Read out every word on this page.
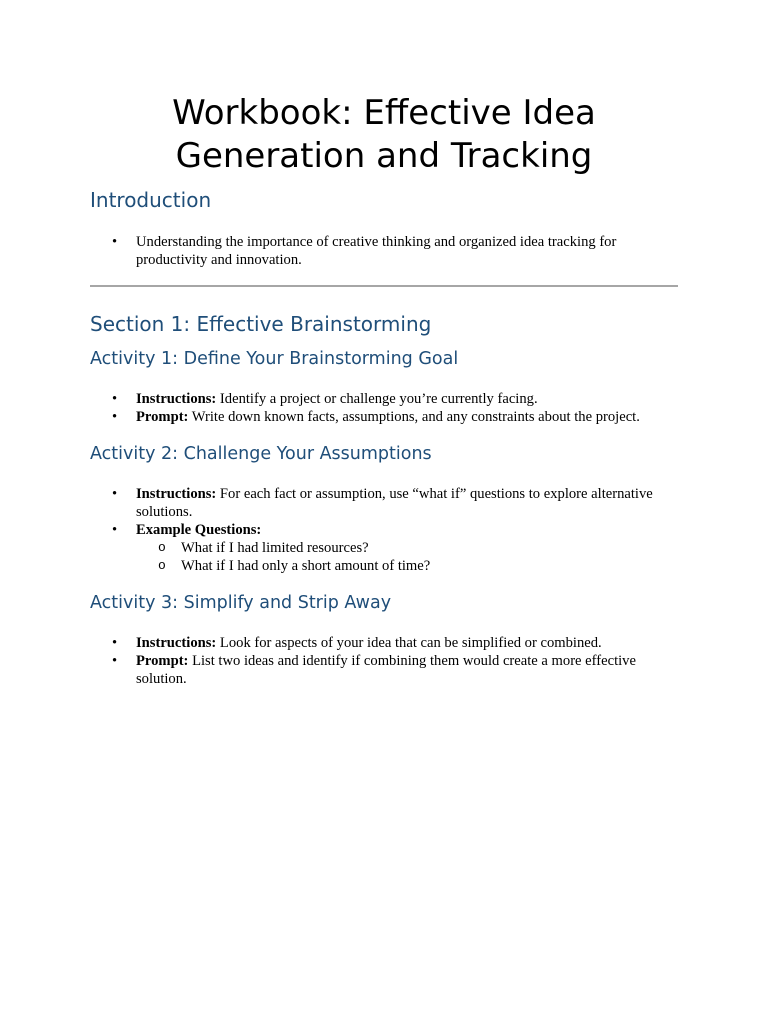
Workbook: Effective Idea
Generation and Tracking
Introduction
• Understanding the importance of creative thinking and organized idea tracking for productivity and innovation.
Section 1: Effective Brainstorming
Activity 1: Define Your Brainstorming Goal
• Instructions: Identify a project or challenge you’re currently facing.
• Prompt: Write down known facts, assumptions, and any constraints about the project.
Activity 2: Challenge Your Assumptions
• Instructions: For each fact or assumption, use “what if” questions to explore alternative solutions.
• Example Questions:
o What if I had limited resources?
o What if I had only a short amount of time?
Activity 3: Simplify and Strip Away
• Instructions: Look for aspects of your idea that can be simplified or combined.
• Prompt: List two ideas and identify if combining them would create a more effective solution.
